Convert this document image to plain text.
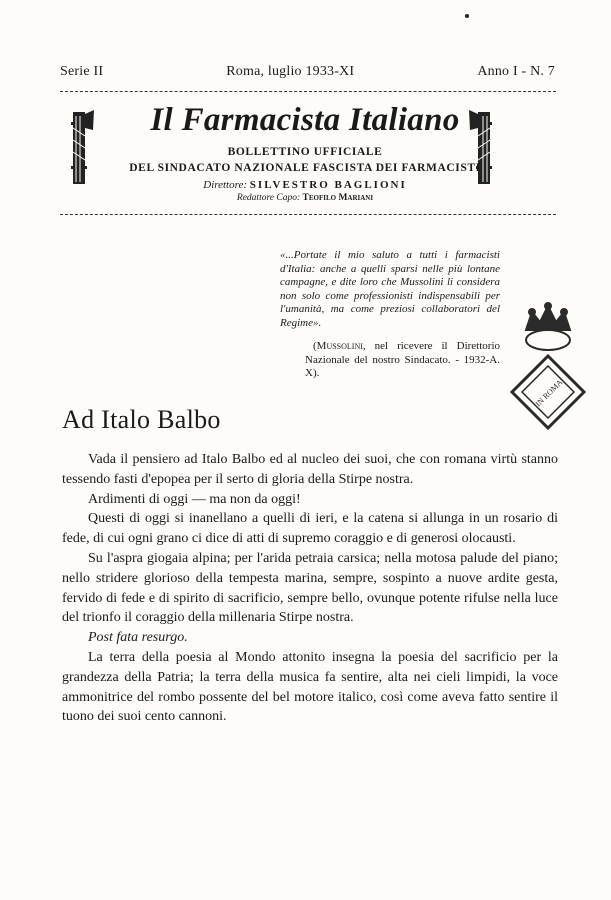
Serie II	Roma, luglio 1933-XI	Anno I - N. 7
Il Farmacista Italiano
BOLLETTINO UFFICIALE
DEL SINDACATO NAZIONALE FASCISTA DEI FARMACISTI
Direttore: SILVESTRO BAGLIONI
Redattore Capo: Teofilo Mariani
«...Portate il mio saluto a tutti i farmacisti d'Italia: anche a quelli sparsi nelle più lontane campagne, e dite loro che Mussolini li considera non solo come professionisti indispensabili per l'umanità, ma come preziosi collaboratori del Regime».
(Mussolini, nel ricevere il Direttorio Nazionale del nostro Sindacato. - 1932-A. X).
IN ROMA
Ad Italo Balbo

Vada il pensiero ad Italo Balbo ed al nucleo dei suoi, che con romana virtù stanno tessendo fasti d'epopea per il serto di gloria della Stirpe nostra.

Ardimenti di oggi — ma non da oggi!

Questi di oggi si inanellano a quelli di ieri, e la catena si allunga in un rosario di fede, di cui ogni grano ci dice di atti di supremo coraggio e di generosi olocausti.

Su l'aspra giogaia alpina; per l'arida petraia carsica; nella motosa palude del piano; nello stridere glorioso della tempesta marina, sempre, sospinto a nuove ardite gesta, fervido di fede e di spirito di sacrificio, sempre bello, ovunque potente rifulse nella luce del trionfo il coraggio della millenaria Stirpe nostra.

Post fata resurgo.

La terra della poesia al Mondo attonito insegna la poesia del sacrificio per la grandezza della Patria; la terra della musica fa sentire, alta nei cieli limpidi, la voce ammonitrice del rombo possente del bel motore italico, così come aveva fatto sentire il tuono dei suoi cento cannoni.
